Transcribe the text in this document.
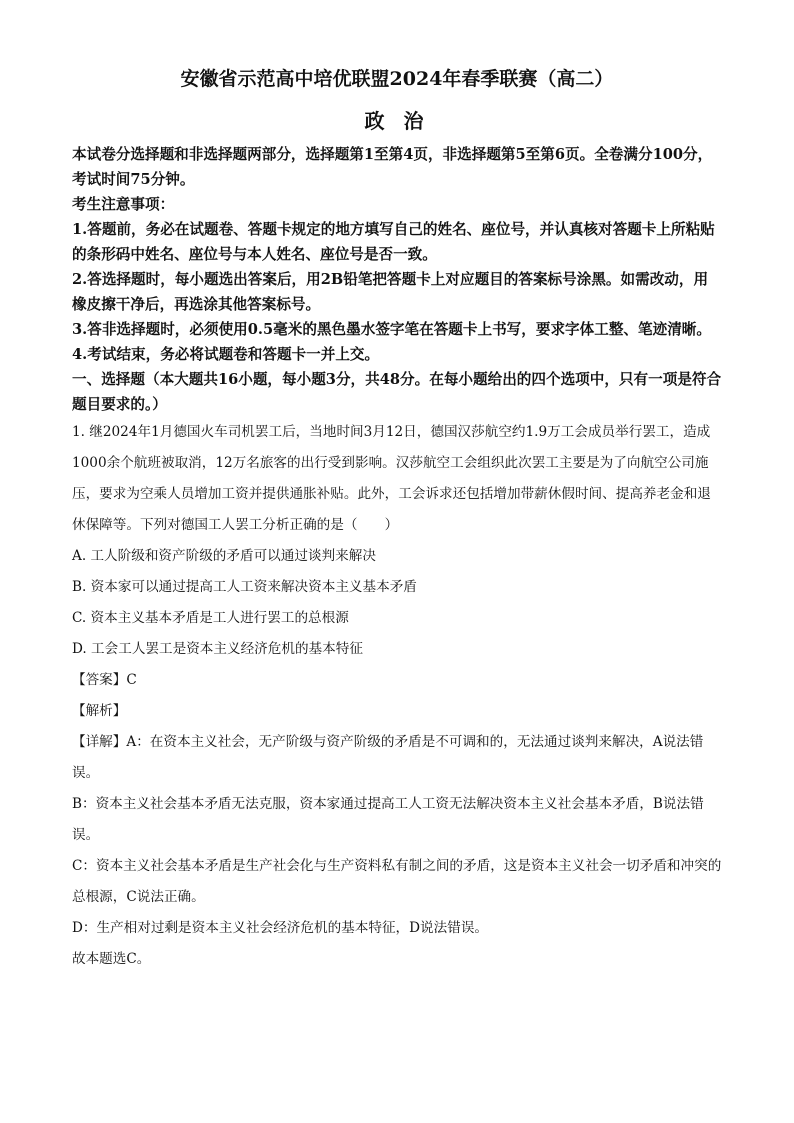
安徽省示范高中培优联盟2024年春季联赛（高二）

政 治

本试卷分选择题和非选择题两部分，选择题第1至第4页，非选择题第5至第6页。全卷满分100分，考试时间75分钟。

考生注意事项：

1.答题前，务必在试题卷、答题卡规定的地方填写自己的姓名、座位号，并认真核对答题卡上所粘贴的条形码中姓名、座位号与本人姓名、座位号是否一致。

2.答选择题时，每小题选出答案后，用2B铅笔把答题卡上对应题目的答案标号涂黑。如需改动，用橡皮擦干净后，再选涂其他答案标号。

3.答非选择题时，必须使用0.5毫米的黑色墨水签字笔在答题卡上书写，要求字体工整、笔迹清晰。

4.考试结束，务必将试题卷和答题卡一并上交。

一、选择题（本大题共16小题，每小题3分，共48分。在每小题给出的四个选项中，只有一项是符合题目要求的。）

1. 继2024年1月德国火车司机罢工后，当地时间3月12日，德国汉莎航空约1.9万工会成员举行罢工，造成1000余个航班被取消，12万名旅客的出行受到影响。汉莎航空工会组织此次罢工主要是为了向航空公司施压，要求为空乘人员增加工资并提供通胀补贴。此外，工会诉求还包括增加带薪休假时间、提高养老金和退休保障等。下列对德国工人罢工分析正确的是（　　）

A. 工人阶级和资产阶级的矛盾可以通过谈判来解决

B. 资本家可以通过提高工人工资来解决资本主义基本矛盾

C. 资本主义基本矛盾是工人进行罢工的总根源

D. 工会工人罢工是资本主义经济危机的基本特征

【答案】C

【解析】

【详解】A：在资本主义社会，无产阶级与资产阶级的矛盾是不可调和的，无法通过谈判来解决，A说法错误。

B：资本主义社会基本矛盾无法克服，资本家通过提高工人工资无法解决资本主义社会基本矛盾，B说法错误。

C：资本主义社会基本矛盾是生产社会化与生产资料私有制之间的矛盾，这是资本主义社会一切矛盾和冲突的总根源，C说法正确。

D：生产相对过剩是资本主义社会经济危机的基本特征，D说法错误。

故本题选C。
